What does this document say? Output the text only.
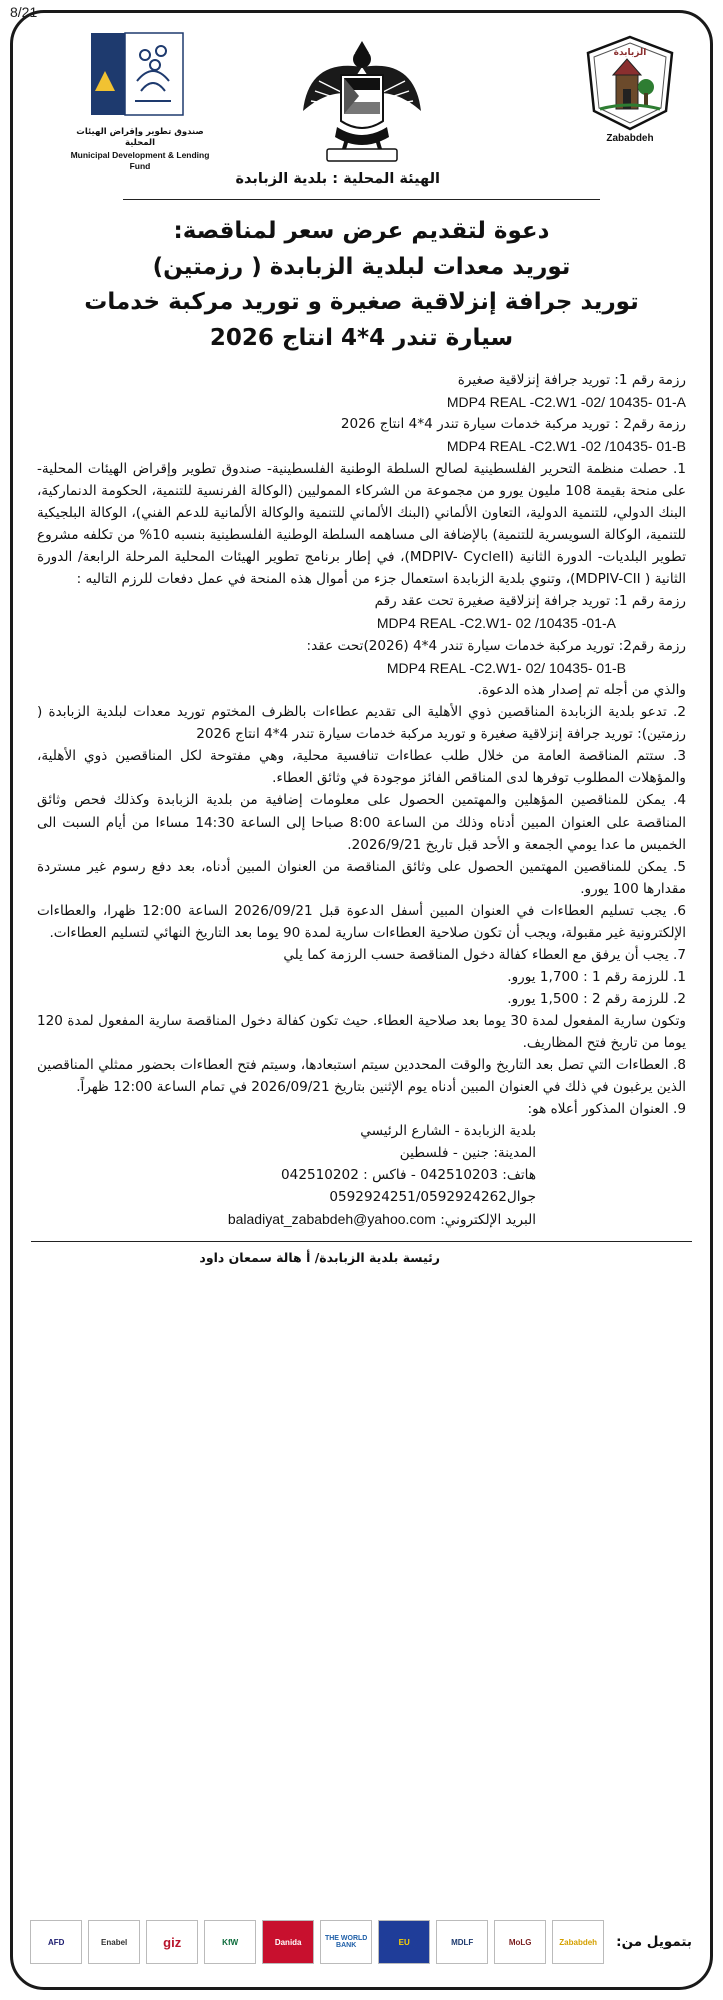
8/21
الزبابدة
Zababdeh
صندوق تطوير وإقراض الهيئات المحلية
Municipal Development & Lending Fund
الهيئة المحلية : بلدية الزبابدة
دعوة لتقديم عرض سعر لمناقصة:
توريد معدات لبلدية الزبابدة ( رزمتين)
توريد جرافة إنزلاقية صغيرة و توريد مركبة خدمات
سيارة تندر 4*4 انتاج 2026

رزمة رقم 1: توريد جرافة إنزلاقية صغيرة

MDP4 REAL -C2.W1 -02/ 10435- 01-A

رزمة رقم2 : توريد مركبة خدمات سيارة تندر 4*4 انتاج 2026

MDP4 REAL -C2.W1 -02 /10435- 01-B

1. حصلت منظمة التحرير الفلسطينية لصالح السلطة الوطنية الفلسطينية- صندوق تطوير وإقراض الهيئات المحلية- على منحة بقيمة 108 مليون يورو من مجموعة من الشركاء المموليين (الوكالة الفرنسية للتنمية، الحكومة الدنماركية، البنك الدولي، للتنمية الدولية، التعاون الألماني (البنك الألماني للتنمية والوكالة الألمانية للدعم الفني)، الوكالة البلجيكية للتنمية، الوكالة السويسرية للتنمية) بالإضافة الى مساهمه السلطة الوطنية الفلسطينية بنسبه 10% من تكلفه مشروع تطوير البلديات- الدورة الثانية (MDPIV- CycleII)، في إطار برنامج تطوير الهيئات المحلية المرحلة الرابعة/ الدورة الثانية ( MDPIV-CII)، وتنوي بلدية الزبابدة استعمال جزء من أموال هذه المنحة في عمل دفعات للرزم التاليه :

رزمة رقم 1: توريد جرافة إنزلاقية صغيرة تحت عقد رقم

MDP4 REAL -C2.W1- 02 /10435 -01-A

رزمة رقم2: توريد مركبة خدمات سيارة تندر 4*4 (2026)تحت عقد:

MDP4 REAL -C2.W1- 02/ 10435- 01-B

والذي من أجله تم إصدار هذه الدعوة.

2. تدعو بلدية الزبابدة المناقصين ذوي الأهلية الى تقديم عطاءات بالظرف المختوم توريد معدات لبلدية الزبابدة ( رزمتين): توريد جرافة إنزلاقية صغيرة و توريد مركبة خدمات سيارة تندر 4*4 انتاج 2026

3. ستتم المناقصة العامة من خلال طلب عطاءات تنافسية محلية، وهي مفتوحة لكل المناقصين ذوي الأهلية، والمؤهلات المطلوب توفرها لدى المناقص الفائز موجودة في وثائق العطاء.

4. يمكن للمناقصين المؤهلين والمهتمين الحصول على معلومات إضافية من بلدية الزبابدة وكذلك فحص وثائق المناقصة على العنوان المبين أدناه وذلك من الساعة 8:00 صباحا إلى الساعة 14:30 مساءا من أيام السبت الى الخميس ما عدا يومي الجمعة و الأحد قبل تاريخ 2026/9/21.

5. يمكن للمناقصين المهتمين الحصول على وثائق المناقصة من العنوان المبين أدناه، بعد دفع رسوم غير مستردة مقدارها 100 يورو.

6. يجب تسليم العطاءات في العنوان المبين أسفل الدعوة قبل 2026/09/21 الساعة 12:00 ظهرا، والعطاءات الإلكترونية غير مقبولة، ويجب أن تكون صلاحية العطاءات سارية لمدة 90 يوما بعد التاريخ النهائي لتسليم العطاءات.

7. يجب أن يرفق مع العطاء كفالة دخول المناقصة حسب الرزمة كما يلي

1. للرزمة رقم 1 : 1,700 يورو.

2. للرزمة رقم 2 : 1,500 يورو.

وتكون سارية المفعول لمدة 30 يوما بعد صلاحية العطاء. حيث تكون كفالة دخول المناقصة سارية المفعول لمدة 120 يوما من تاريخ فتح المظاريف.

8. العطاءات التي تصل بعد التاريخ والوقت المحددين سيتم استبعادها، وسيتم فتح العطاءات بحضور ممثلي المناقصين الذين يرغبون في ذلك في العنوان المبين أدناه يوم الإثنين بتاريخ 2026/09/21 في تمام الساعة 12:00 ظهراً.

9. العنوان المذكور أعلاه هو:

بلدية الزبابدة - الشارع الرئيسي

المدينة: جنين - فلسطين

هاتف: 042510203 - فاكس : 042510202

جوال0592924251/0592924262

البريد الإلكتروني: baladiyat_zababdeh@yahoo.com

رئيسة بلدية الزبابدة/ أ هالة سمعان داود
بتمويل من:
Zababdeh
MoLG
MDLF
EU
THE WORLD BANK
Danida
KfW
giz
Enabel
AFD
